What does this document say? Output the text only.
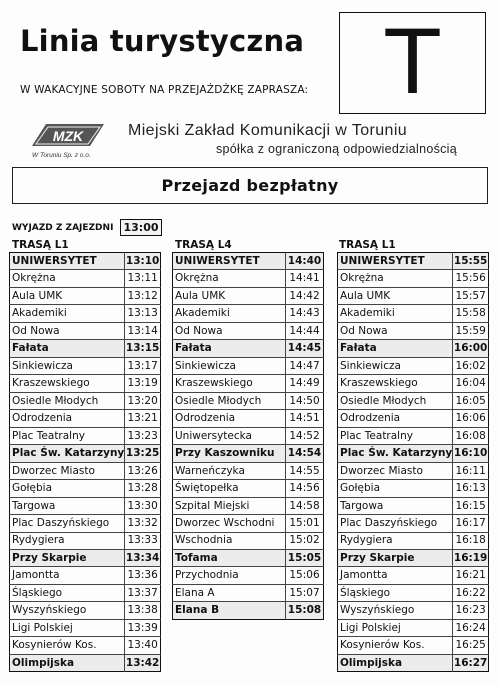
Linia turystyczna
W WAKACYJNE SOBOTY NA PRZEJAŻDŻKĘ ZAPRASZA: T
MZK
W Toruniu Sp. z o.o.
Miejski Zakład Komunikacji w Toruniu
spółka z ograniczoną odpowiedzialnością
Przejazd bezpłatny
WYJAZD Z ZAJEZDNI 13:00
TRASĄ L1	TRASĄ L4	TRASĄ L1
UNIWERSYTET	13:10
Okrężna	13:11
Aula UMK	13:12
Akademiki	13:13
Od Nowa	13:14
Fałata	13:15
Sinkiewicza	13:17
Kraszewskiego	13:19
Osiedle Młodych	13:20
Odrodzenia	13:21
Plac Teatralny	13:23
Plac Św. Katarzyny	13:25
Dworzec Miasto	13:26
Gołębia	13:28
Targowa	13:30
Plac Daszyńskiego	13:32
Rydygiera	13:33
Przy Skarpie	13:34
Jamontta	13:36
Śląskiego	13:37
Wyszyńskiego	13:38
Ligi Polskiej	13:39
Kosynierów Kos.	13:40
Olimpijska	13:42
UNIWERSYTET	14:40
Okrężna	14:41
Aula UMK	14:42
Akademiki	14:43
Od Nowa	14:44
Fałata	14:45
Sinkiewicza	14:47
Kraszewskiego	14:49
Osiedle Młodych	14:50
Odrodzenia	14:51
Uniwersytecka	14:52
Przy Kaszowniku	14:54
Warneńczyka	14:55
Świętopełka	14:56
Szpital Miejski	14:58
Dworzec Wschodni	15:01
Wschodnia	15:02
Tofama	15:05
Przychodnia	15:06
Elana A	15:07
Elana B	15:08
UNIWERSYTET	15:55
Okrężna	15:56
Aula UMK	15:57
Akademiki	15:58
Od Nowa	15:59
Fałata	16:00
Sinkiewicza	16:02
Kraszewskiego	16:04
Osiedle Młodych	16:05
Odrodzenia	16:06
Plac Teatralny	16:08
Plac Św. Katarzyny	16:10
Dworzec Miasto	16:11
Gołębia	16:13
Targowa	16:15
Plac Daszyńskiego	16:17
Rydygiera	16:18
Przy Skarpie	16:19
Jamontta	16:21
Śląskiego	16:22
Wyszyńskiego	16:23
Ligi Polskiej	16:24
Kosynierów Kos.	16:25
Olimpijska	16:27
